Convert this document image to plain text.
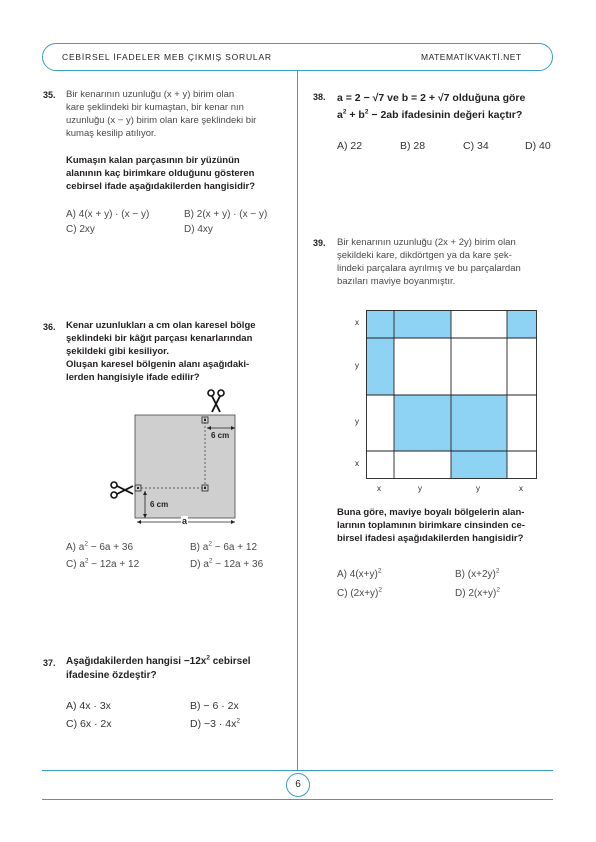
CEBİRSEL İFADELER MEB ÇIKMIŞ SORULAR	MATEMATİKVAKTİ.NET
6
35. Bir kenarının uzunluğu (x + y) birim olan
kare şeklindeki bir kumaştan, bir kenar nın
uzunluğu (x − y) birim olan kare şeklindeki bir
kumaş kesilip atılıyor.
Kumaşın kalan parçasının bir yüzünün
alanının kaç birimkare olduğunu gösteren
cebirsel ifade aşağıdakilerden hangisidir?
A) 4(x + y) · (x − y)	B) 2(x + y) · (x − y)
C) 2xy	D) 4xy
36. Kenar uzunlukları a cm olan karesel bölge
şeklindeki bir kâğıt parçası kenarlarından
şekildeki gibi kesiliyor.
Oluşan karesel bölgenin alanı aşağıdaki-
lerden hangisiyle ifade edilir?
6 cm
6 cm
a
A) $a^2 - 6a + 36$	B) $a^2 - 6a + 12$
C) $a^2 - 12a + 12$	D) $a^2 - 12a + 36$
37. Aşağıdakilerden hangisi $-12x^2$ cebirsel
ifadesine özdeştir?
A) 4x · 3x	B) − 6 · 2x
C) 6x · 2x	$D) -3 \cdot 4x^2$
38. a = 2 − √7 ve b = 2 + √7 olduğuna göre
$a^2 + b^2 - 2ab$ ifadesinin değeri kaçtır?
A) 22	B) 28	C) 34	D) 40
39. Bir kenarının uzunluğu (2x + 2y) birim olan
şekildeki kare, dikdörtgen ya da kare şek-
lindeki parçalara ayrılmış ve bu parçalardan
bazıları maviye boyanmıştır.
x
y
y
x
x	y	y	x
Buna göre, maviye boyalı bölgelerin alan-
larının toplamının birimkare cinsinden ce-
birsel ifadesi aşağıdakilerden hangisidir?
A) $4(x+y)^2$	B) $(x+2y)^2$
C) $(2x+y)^2$	D) $2(x+y)^2$
